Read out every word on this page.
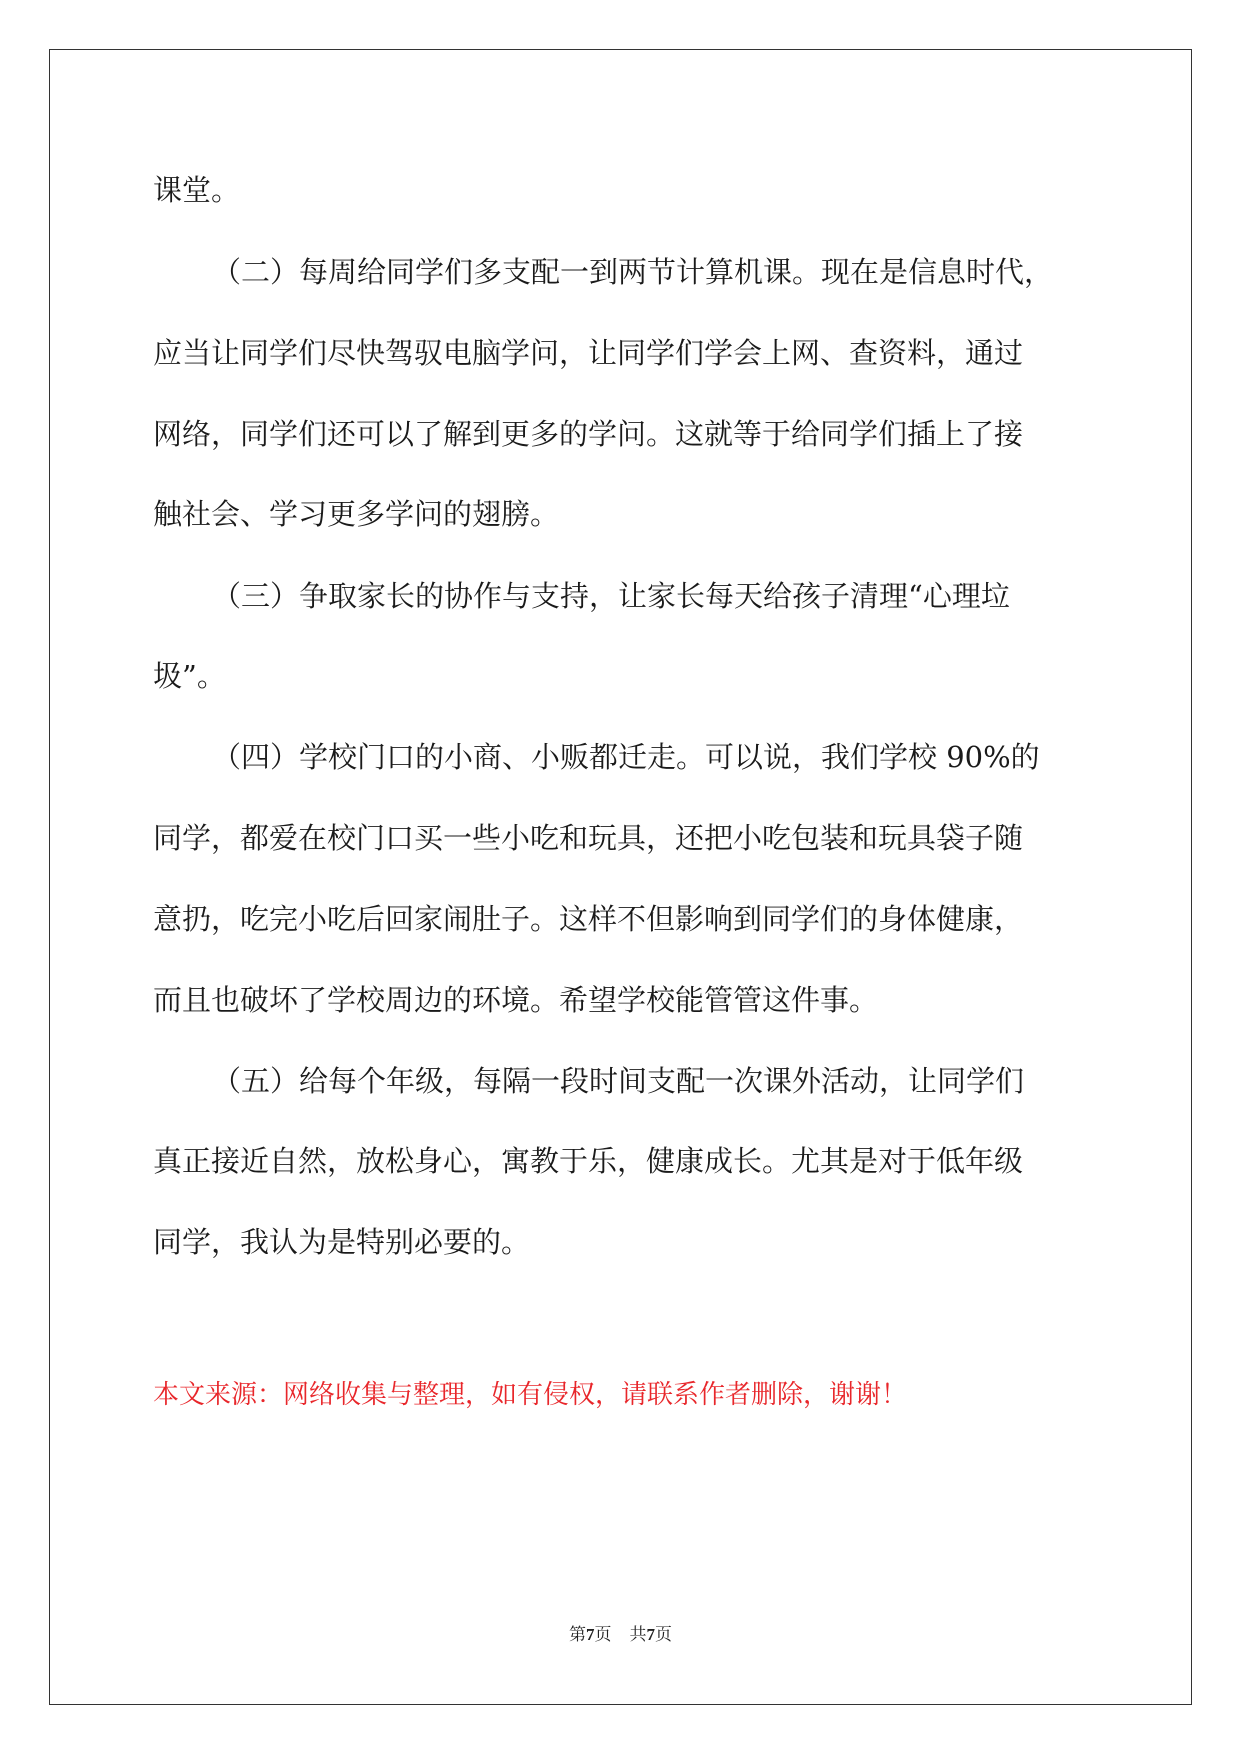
课堂。
（二）每周给同学们多支配一到两节计算机课。现在是信息时代，
应当让同学们尽快驾驭电脑学问，让同学们学会上网、查资料，通过
网络，同学们还可以了解到更多的学问。这就等于给同学们插上了接
触社会、学习更多学问的翅膀。
（三）争取家长的协作与支持，让家长每天给孩子清理“心理垃
圾”。
（四）学校门口的小商、小贩都迁走。可以说，我们学校 90%的
同学，都爱在校门口买一些小吃和玩具，还把小吃包装和玩具袋子随
意扔，吃完小吃后回家闹肚子。这样不但影响到同学们的身体健康，
而且也破坏了学校周边的环境。希望学校能管管这件事。
（五）给每个年级，每隔一段时间支配一次课外活动，让同学们
真正接近自然，放松身心，寓教于乐，健康成长。尤其是对于低年级
同学，我认为是特别必要的。
本文来源：网络收集与整理，如有侵权，请联系作者删除，谢谢！
第7页 共7页
